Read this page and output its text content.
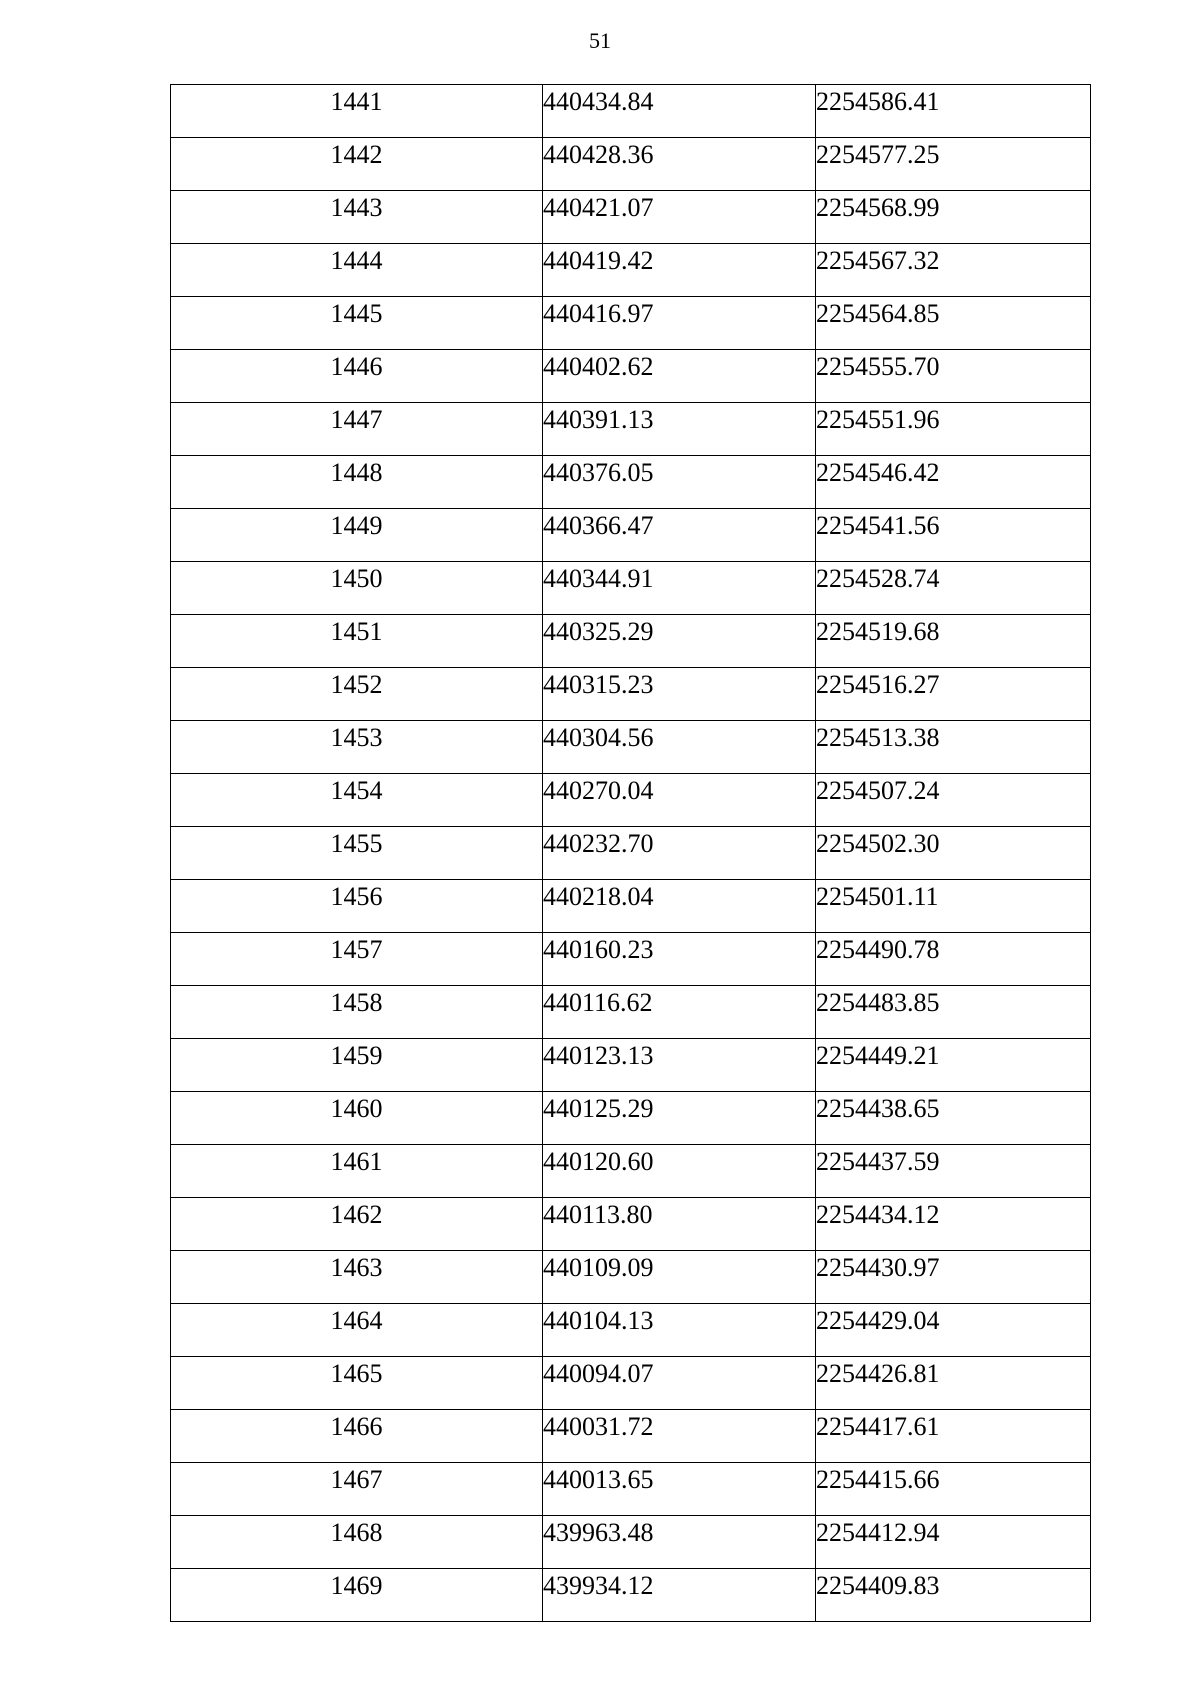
51
1441	440434.84	2254586.41

1442	440428.36	2254577.25

1443	440421.07	2254568.99

1444	440419.42	2254567.32

1445	440416.97	2254564.85

1446	440402.62	2254555.70

1447	440391.13	2254551.96

1448	440376.05	2254546.42

1449	440366.47	2254541.56

1450	440344.91	2254528.74

1451	440325.29	2254519.68

1452	440315.23	2254516.27

1453	440304.56	2254513.38

1454	440270.04	2254507.24

1455	440232.70	2254502.30

1456	440218.04	2254501.11

1457	440160.23	2254490.78

1458	440116.62	2254483.85

1459	440123.13	2254449.21

1460	440125.29	2254438.65

1461	440120.60	2254437.59

1462	440113.80	2254434.12

1463	440109.09	2254430.97

1464	440104.13	2254429.04

1465	440094.07	2254426.81

1466	440031.72	2254417.61

1467	440013.65	2254415.66

1468	439963.48	2254412.94

1469	439934.12	2254409.83
